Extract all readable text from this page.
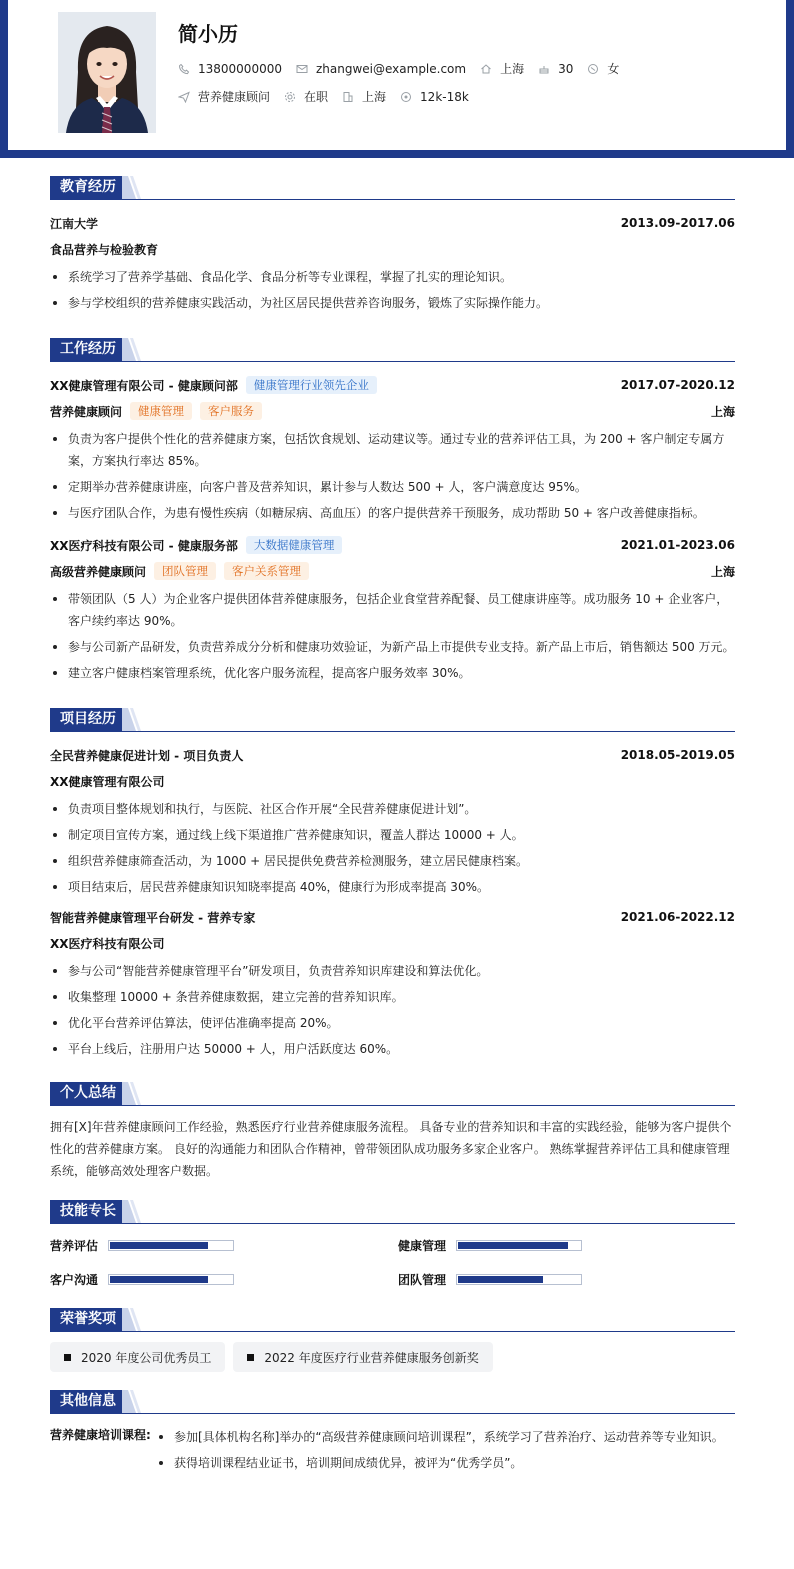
简小历
13800000000	zhangwei@example.com	上海	30	女
营养健康顾问	在职	上海	12k-18k
教育经历
江南大学	2013.09-2017.06
食品营养与检验教育
系统学习了营养学基础、食品化学、食品分析等专业课程，掌握了扎实的理论知识。
参与学校组织的营养健康实践活动，为社区居民提供营养咨询服务，锻炼了实际操作能力。
工作经历
XX健康管理有限公司 - 健康顾问部	健康管理行业领先企业	2017.07-2020.12
营养健康顾问	健康管理	客户服务	上海
负责为客户提供个性化的营养健康方案，包括饮食规划、运动建议等。通过专业的营养评估工具，为 200 + 客户制定专属方案，方案执行率达 85%。
定期举办营养健康讲座，向客户普及营养知识，累计参与人数达 500 + 人，客户满意度达 95%。
与医疗团队合作，为患有慢性疾病（如糖尿病、高血压）的客户提供营养干预服务，成功帮助 50 + 客户改善健康指标。
XX医疗科技有限公司 - 健康服务部	大数据健康管理	2021.01-2023.06
高级营养健康顾问	团队管理	客户关系管理	上海
带领团队（5 人）为企业客户提供团体营养健康服务，包括企业食堂营养配餐、员工健康讲座等。成功服务 10 + 企业客户，客户续约率达 90%。
参与公司新产品研发，负责营养成分分析和健康功效验证，为新产品上市提供专业支持。新产品上市后，销售额达 500 万元。
建立客户健康档案管理系统，优化客户服务流程，提高客户服务效率 30%。
项目经历
全民营养健康促进计划 - 项目负责人	2018.05-2019.05
XX健康管理有限公司
负责项目整体规划和执行，与医院、社区合作开展“全民营养健康促进计划”。
制定项目宣传方案，通过线上线下渠道推广营养健康知识，覆盖人群达 10000 + 人。
组织营养健康筛查活动，为 1000 + 居民提供免费营养检测服务，建立居民健康档案。
项目结束后，居民营养健康知识知晓率提高 40%，健康行为形成率提高 30%。
智能营养健康管理平台研发 - 营养专家	2021.06-2022.12
XX医疗科技有限公司
参与公司“智能营养健康管理平台”研发项目，负责营养知识库建设和算法优化。
收集整理 10000 + 条营养健康数据，建立完善的营养知识库。
优化平台营养评估算法，使评估准确率提高 20%。
平台上线后，注册用户达 50000 + 人，用户活跃度达 60%。
个人总结
拥有[X]年营养健康顾问工作经验，熟悉医疗行业营养健康服务流程。 具备专业的营养知识和丰富的实践经验，能够为客户提供个性化的营养健康方案。 良好的沟通能力和团队合作精神，曾带领团队成功服务多家企业客户。 熟练掌握营养评估工具和健康管理系统，能够高效处理客户数据。
技能专长
营养评估	健康管理
客户沟通	团队管理
荣誉奖项
2020 年度公司优秀员工	2022 年度医疗行业营养健康服务创新奖
其他信息
营养健康培训课程:	参加[具体机构名称]举办的“高级营养健康顾问培训课程”，系统学习了营养治疗、运动营养等专业知识。
获得培训课程结业证书，培训期间成绩优异，被评为“优秀学员”。
